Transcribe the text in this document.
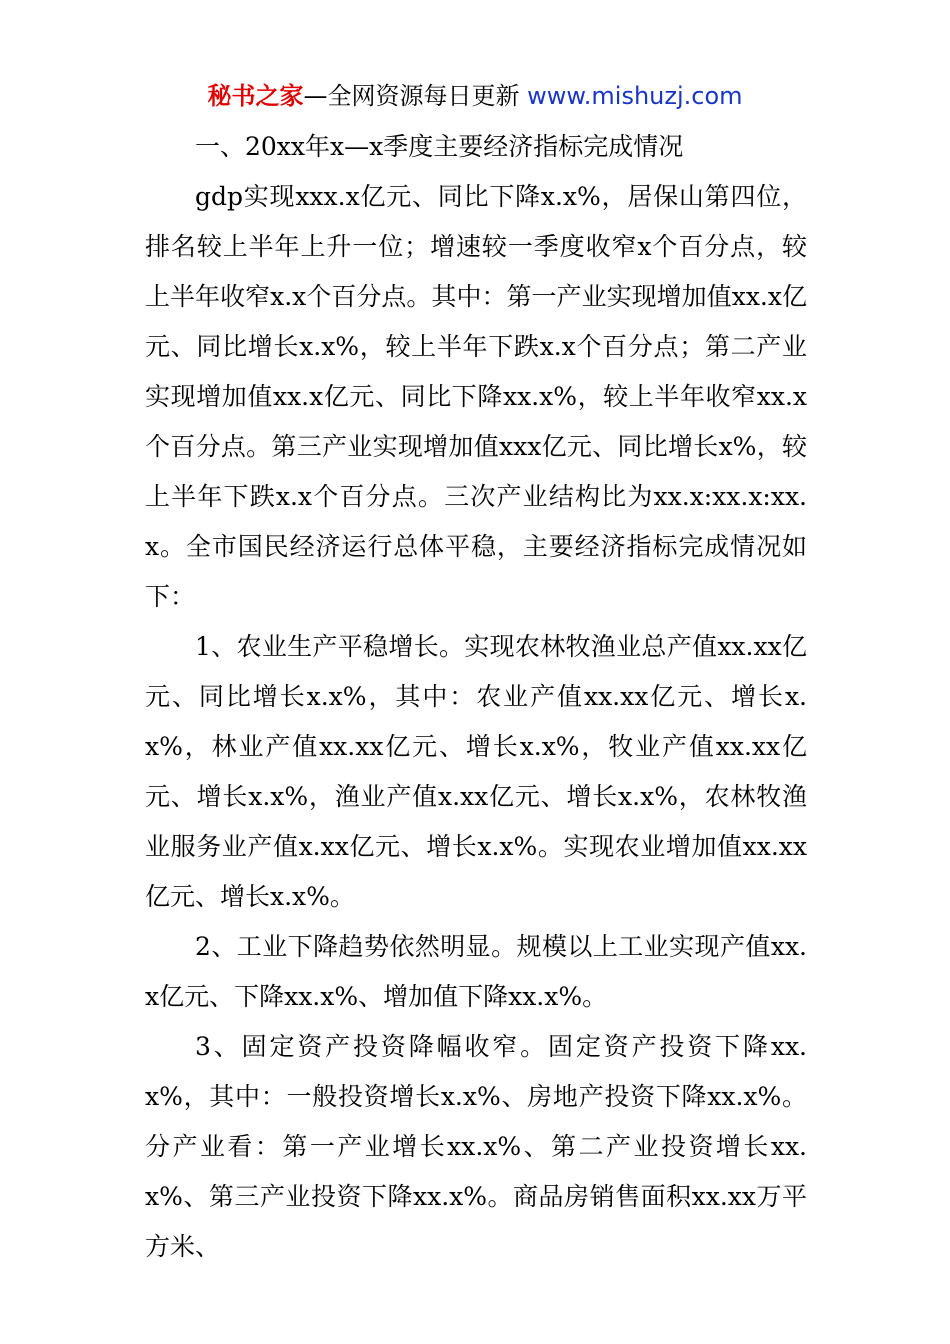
秘书之家—全网资源每日更新 www.mishuzj.com

一、20xx年x—x季度主要经济指标完成情况

gdp实现xxx.x亿元、同比下降x.x%，居保山第四位，排名较上半年上升一位；增速较一季度收窄x个百分点，较上半年收窄x.x个百分点。其中：第一产业实现增加值xx.x亿元、同比增长x.x%，较上半年下跌x.x个百分点；第二产业实现增加值xx.x亿元、同比下降xx.x%，较上半年收窄xx.x个百分点。第三产业实现增加值xxx亿元、同比增长x%，较上半年下跌x.x个百分点。三次产业结构比为xx.x:xx.x:xx.x。全市国民经济运行总体平稳，主要经济指标完成情况如下：

1、农业生产平稳增长。实现农林牧渔业总产值xx.xx亿元、同比增长x.x%，其中：农业产值xx.xx亿元、增长x.x%，林业产值xx.xx亿元、增长x.x%，牧业产值xx.xx亿元、增长x.x%，渔业产值x.xx亿元、增长x.x%，农林牧渔业服务业产值x.xx亿元、增长x.x%。实现农业增加值xx.xx亿元、增长x.x%。

2、工业下降趋势依然明显。规模以上工业实现产值xx.x亿元、下降xx.x%、增加值下降xx.x%。

3、固定资产投资降幅收窄。固定资产投资下降xx.x%，其中：一般投资增长x.x%、房地产投资下降xx.x%。分产业看：第一产业增长xx.x%、第二产业投资增长xx.x%、第三产业投资下降xx.x%。商品房销售面积xx.xx万平方米、
